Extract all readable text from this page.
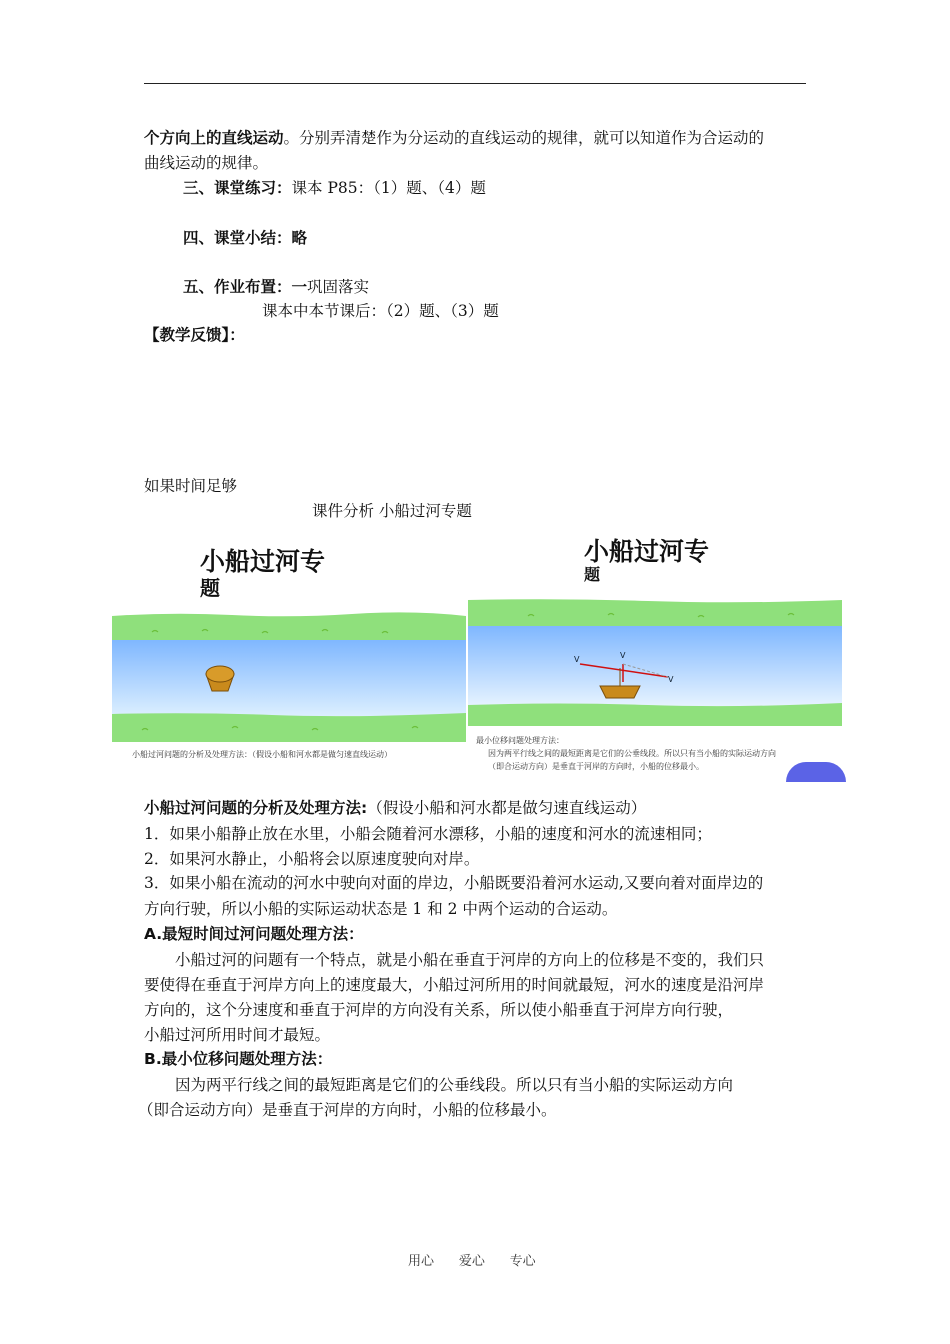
个方向上的直线运动。分别弄清楚作为分运动的直线运动的规律，就可以知道作为合运动的

曲线运动的规律。

三、课堂练习：课本 P85：（1）题、（4）题

四、课堂小结：略

五、作业布置：一巩固落实

课本中本节课后：（2）题、（3）题

【教学反馈】：

如果时间足够

课件分析 小船过河专题

小船过河专
题
小船过河问题的分析及处理方法：（假设小船和河水都是做匀速直线运动）
小船过河专
题
V	V
V
最小位移问题处理方法：
因为两平行线之间的最短距离是它们的公垂线段。所以只有当小船的实际运动方向
（即合运动方向）是垂直于河岸的方向时，小船的位移最小。

小船过河问题的分析及处理方法:（假设小船和河水都是做匀速直线运动）

1．如果小船静止放在水里，小船会随着河水漂移，小船的速度和河水的流速相同；

2．如果河水静止，小船将会以原速度驶向对岸。

3．如果小船在流动的河水中驶向对面的岸边，小船既要沿着河水运动,又要向着对面岸边的

方向行驶，所以小船的实际运动状态是 1 和 2 中两个运动的合运动。

A.最短时间过河问题处理方法：

小船过河的问题有一个特点，就是小船在垂直于河岸的方向上的位移是不变的，我们只

要使得在垂直于河岸方向上的速度最大，小船过河所用的时间就最短，河水的速度是沿河岸

方向的，这个分速度和垂直于河岸的方向没有关系，所以使小船垂直于河岸方向行驶，

小船过河所用时间才最短。

B.最小位移问题处理方法：

因为两平行线之间的最短距离是它们的公垂线段。所以只有当小船的实际运动方向

（即合运动方向）是垂直于河岸的方向时，小船的位移最小。

用心 爱心 专心
